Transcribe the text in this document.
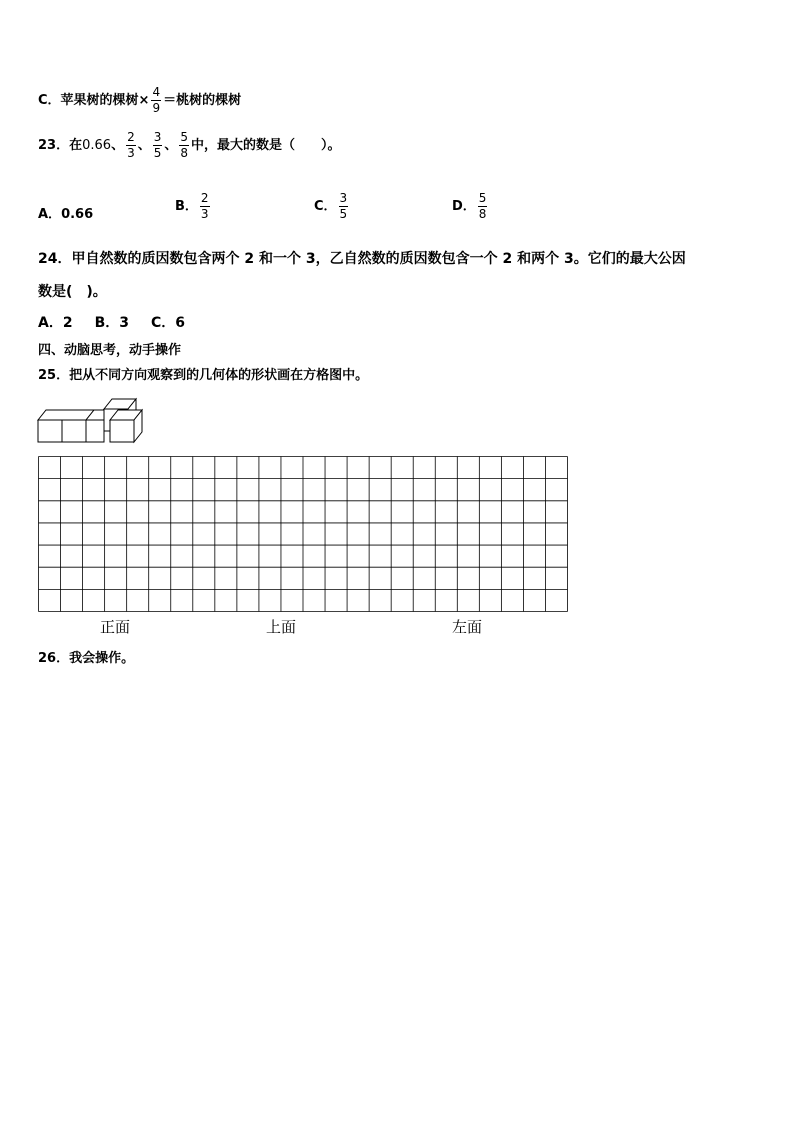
C．苹果树的棵树× $\frac{4}{9}$ ＝桃树的棵树
23．在0.66、 $\frac{2}{3}$ 、 $\frac{3}{5}$ 、 $\frac{5}{8}$ 中，最大的数是（　　）。
A．0.66
B． $\frac{2}{3}$	C． $\frac{3}{5}$	D． $\frac{5}{8}$
24．甲自然数的质因数包含两个 2 和一个 3，乙自然数的质因数包含一个 2 和两个 3。它们的最大公因
数是(　)。
A．2 B．3 C．6
四、动脑思考，动手操作
25．把从不同方向观察到的几何体的形状画在方格图中。
正面	上面	左面
26．我会操作。
